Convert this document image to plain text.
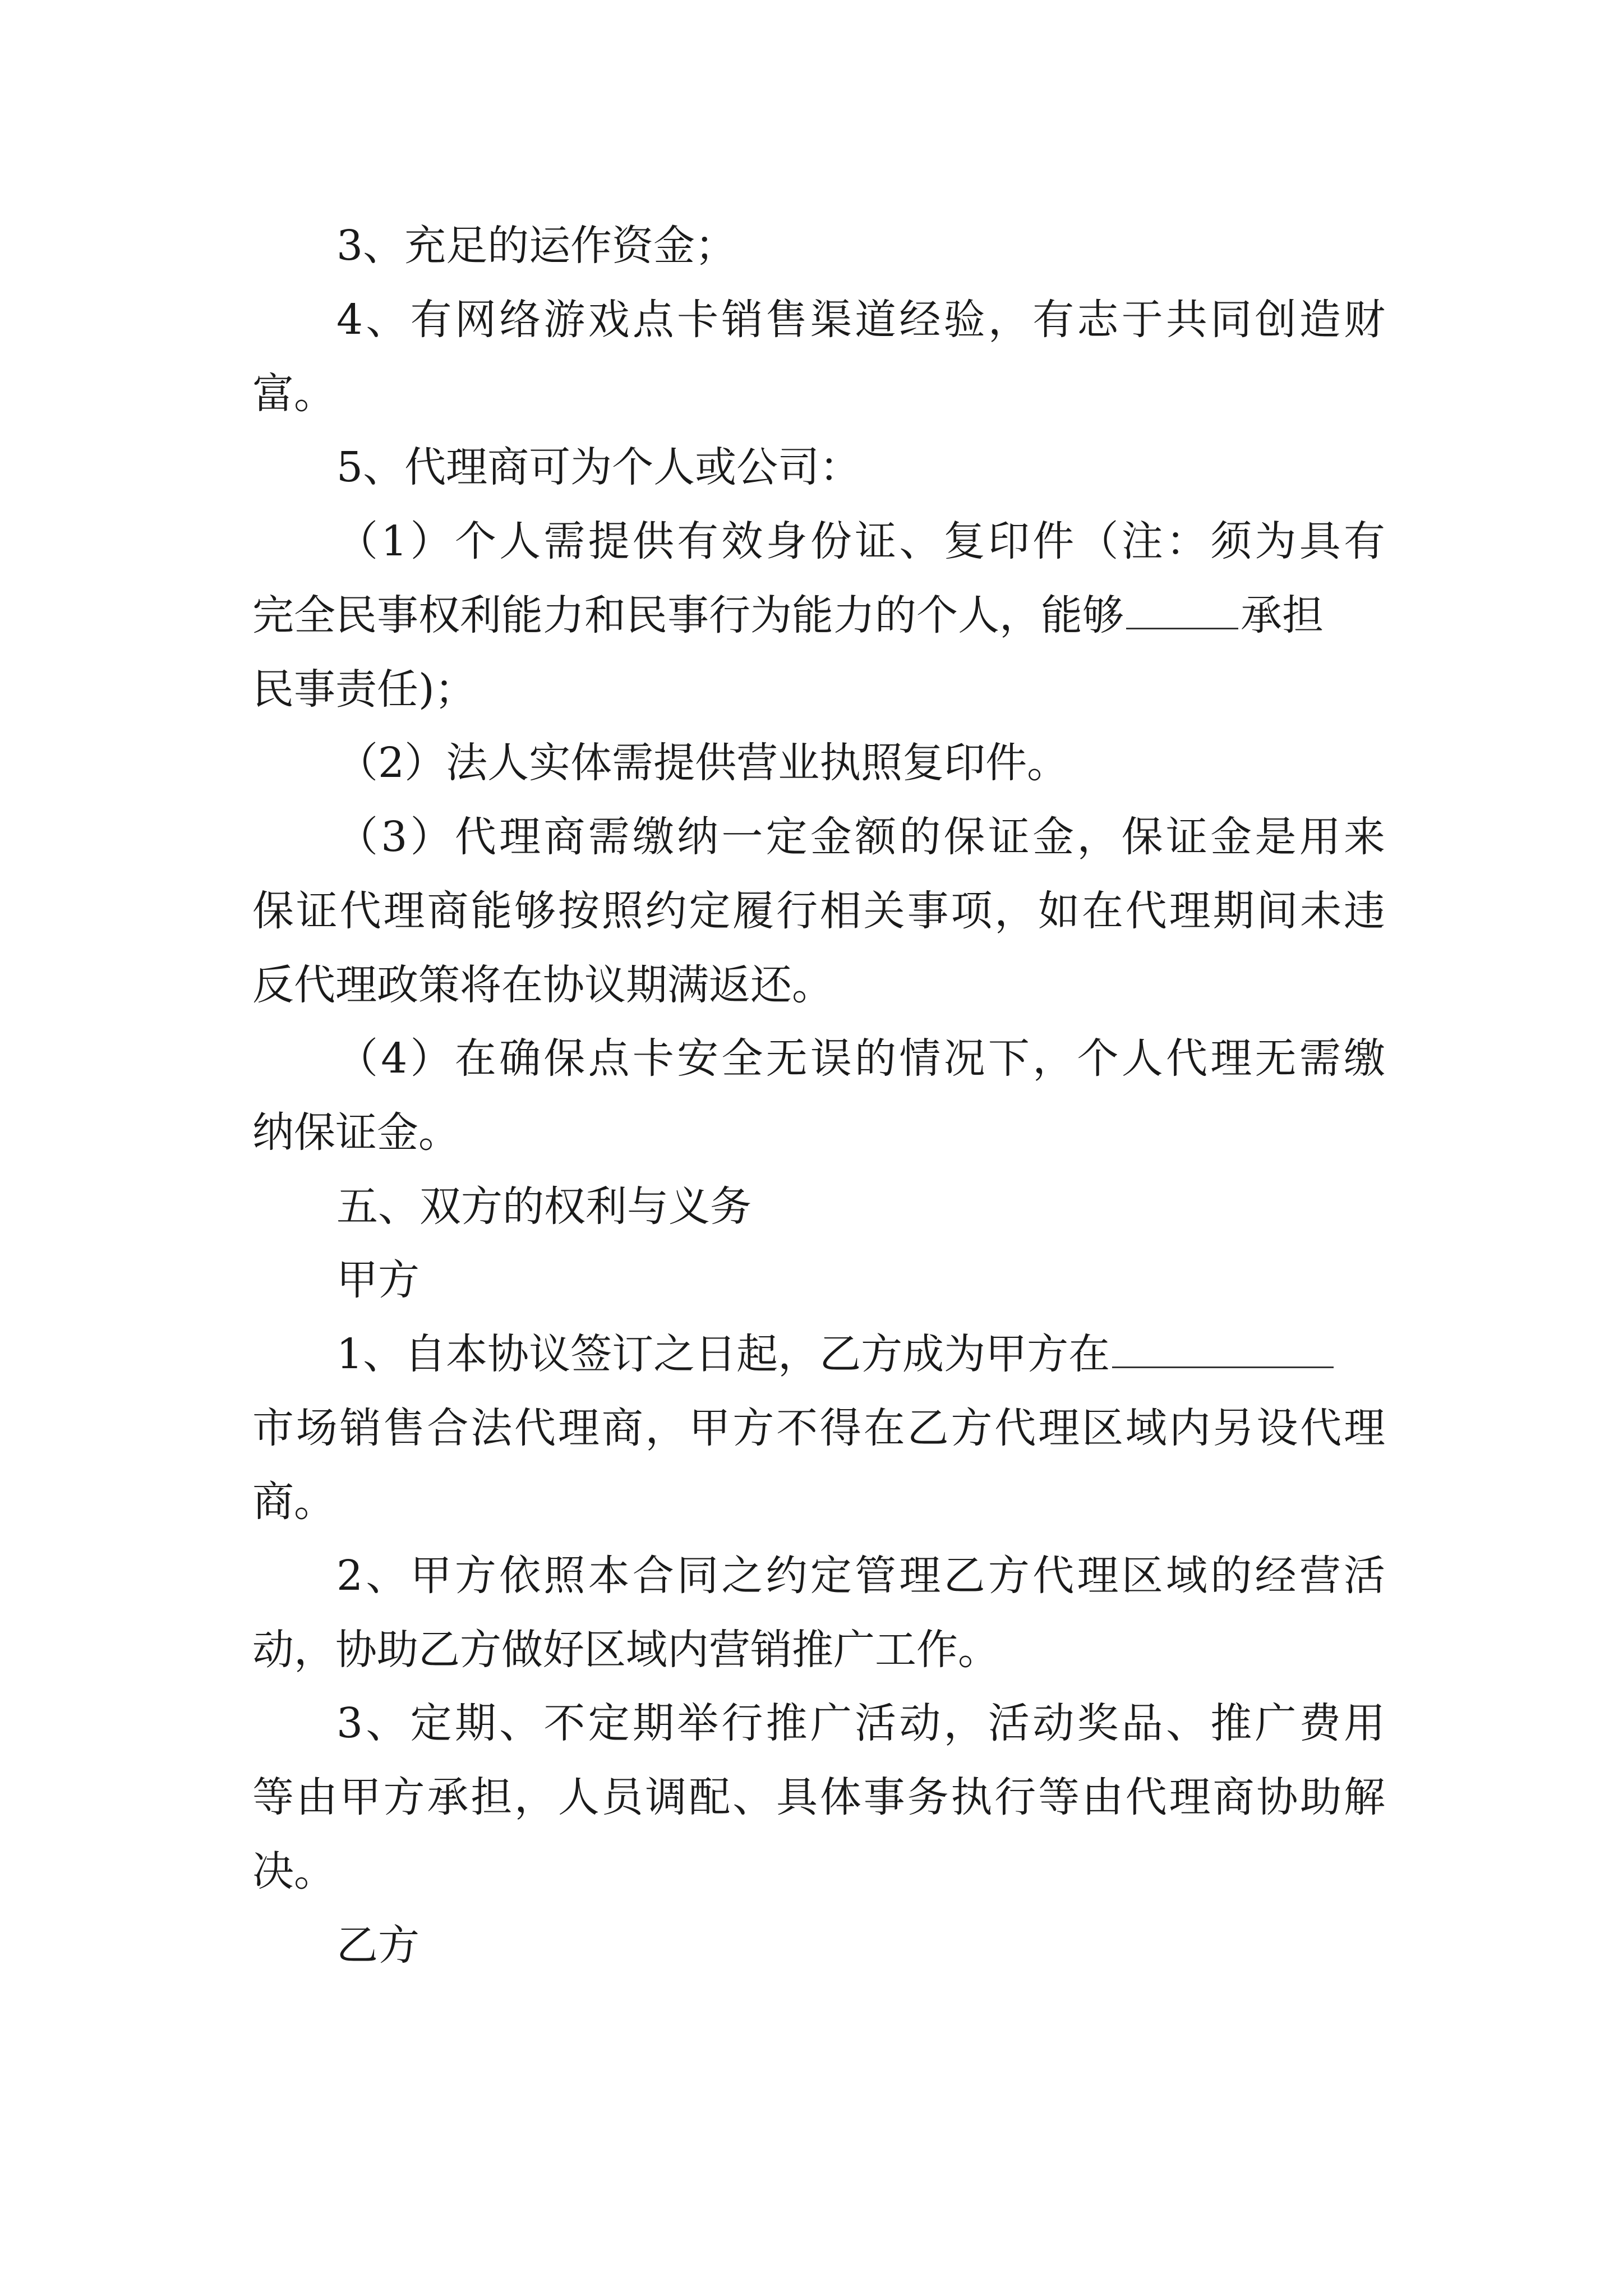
3、充足的运作资金；
4、有网络游戏点卡销售渠道经验，有志于共同创造财
富。
5、代理商可为个人或公司：
（1）个人需提供有效身份证、复印件（注：须为具有
完全民事权利能力和民事行为能力的个人，能够	承担
民事责任)；
（2）法人实体需提供营业执照复印件。
（3）代理商需缴纳一定金额的保证金，保证金是用来
保证代理商能够按照约定履行相关事项，如在代理期间未违
反代理政策将在协议期满返还。
（4）在确保点卡安全无误的情况下，个人代理无需缴
纳保证金。
五、双方的权利与义务
甲方
1、自本协议签订之日起，乙方成为甲方在
市场销售合法代理商，甲方不得在乙方代理区域内另设代理
商。
2、甲方依照本合同之约定管理乙方代理区域的经营活
动，协助乙方做好区域内营销推广工作。
3、定期、不定期举行推广活动，活动奖品、推广费用
等由甲方承担，人员调配、具体事务执行等由代理商协助解
决。
乙方
